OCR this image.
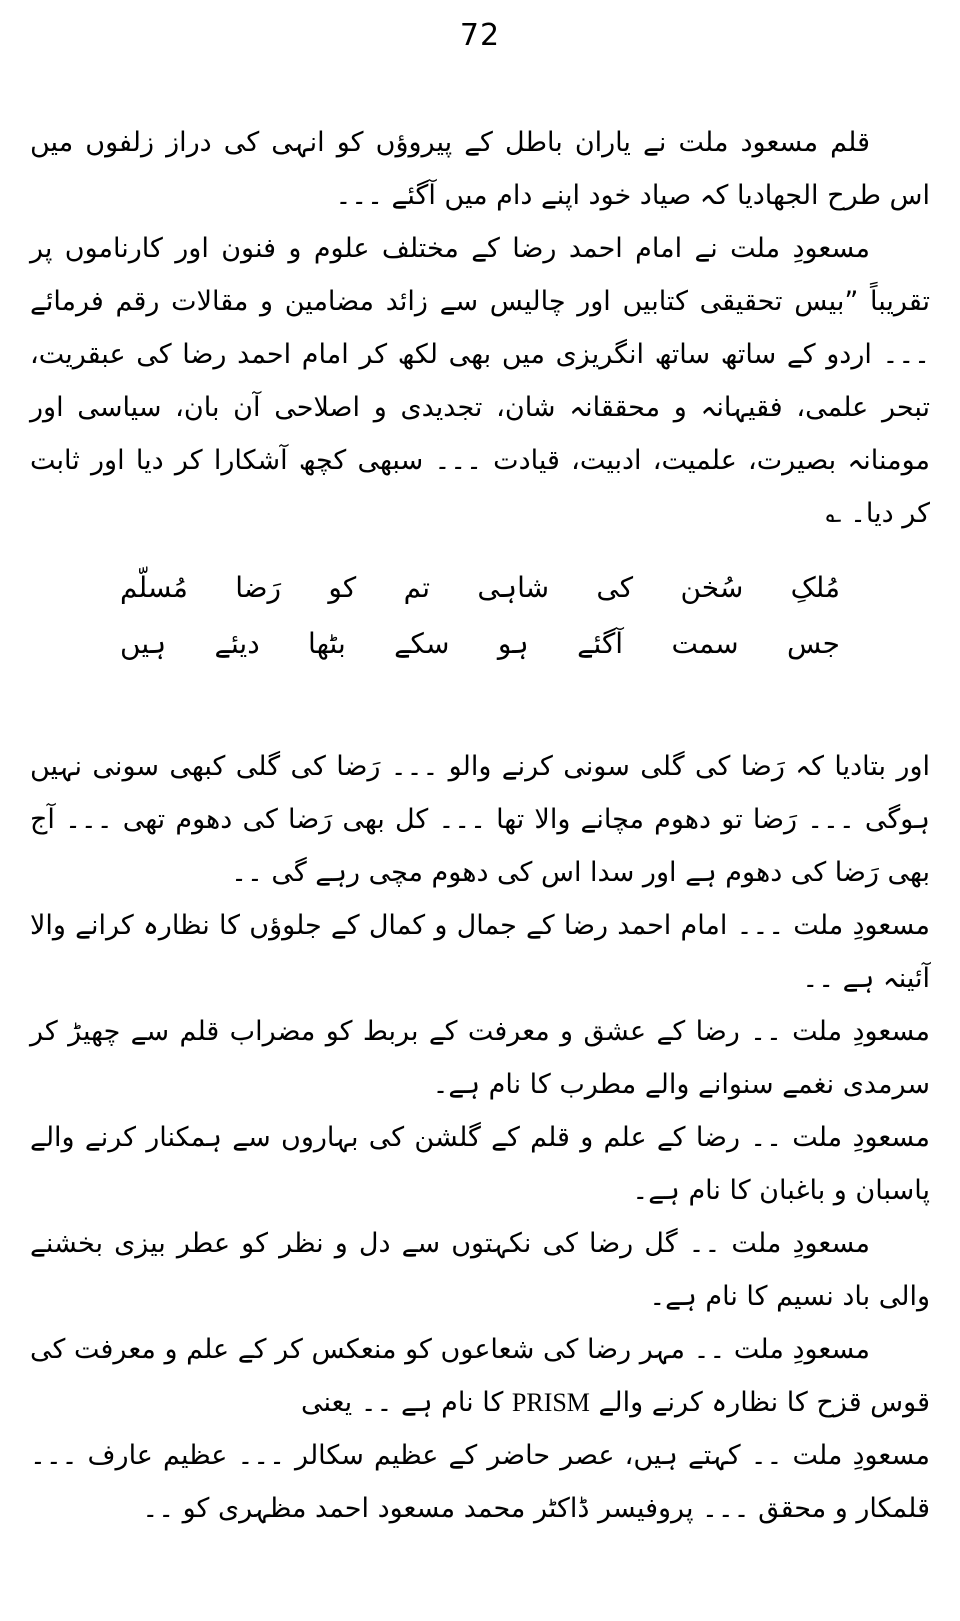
72

قلم مسعود ملت نے یاران باطل کے پیروؤں کو انہی کی دراز زلفوں میں اس طرح الجھادیا کہ صیاد خود اپنے دام میں آگئے ۔۔۔

مسعودِ ملت نے امام احمد رضا کے مختلف علوم و فنون اور کارناموں پر تقریباً ”بیس تحقیقی کتابیں اور چالیس سے زائد مضامین و مقالات رقم فرمائے ۔۔۔ اردو کے ساتھ ساتھ انگریزی میں بھی لکھ کر امام احمد رضا کی عبقریت، تبحر علمی، فقیہانہ و محققانہ شان، تجدیدی و اصلاحی آن بان، سیاسی اور مومنانہ بصیرت، علمیت، ادبیت، قیادت ۔۔۔ سبھی کچھ آشکارا کر دیا اور ثابت کر دیا۔ ؎

مُلکِ سُخن کی شاہی تم کو رَضا مُسلّم

جس سمت آگئے ہو سکے بٹھا دیئے ہیں

اور بتادیا کہ رَضا کی گلی سونی کرنے والو ۔۔۔ رَضا کی گلی کبھی سونی نہیں ہوگی ۔۔۔ رَضا تو دھوم مچانے والا تھا ۔۔۔ کل بھی رَضا کی دھوم تھی ۔۔۔ آج بھی رَضا کی دھوم ہے اور سدا اس کی دھوم مچی رہے گی ۔۔

مسعودِ ملت ۔۔۔ امام احمد رضا کے جمال و کمال کے جلوؤں کا نظارہ کرانے والا آئینہ ہے ۔۔

مسعودِ ملت ۔۔ رضا کے عشق و معرفت کے بربط کو مضراب قلم سے چھیڑ کر سرمدی نغمے سنوانے والے مطرب کا نام ہے۔

مسعودِ ملت ۔۔ رضا کے علم و قلم کے گلشن کی بہاروں سے ہمکنار کرنے والے پاسبان و باغبان کا نام ہے۔

مسعودِ ملت ۔۔ گل رضا کی نکہتوں سے دل و نظر کو عطر بیزی بخشنے والی باد نسیم کا نام ہے۔

مسعودِ ملت ۔۔ مہر رضا کی شعاعوں کو منعکس کر کے علم و معرفت کی قوس قزح کا نظارہ کرنے والے PRISM کا نام ہے ۔۔ یعنی

مسعودِ ملت ۔۔ کہتے ہیں، عصر حاضر کے عظیم سکالر ۔۔۔ عظیم عارف ۔۔۔ قلمکار و محقق ۔۔۔ پروفیسر ڈاکٹر محمد مسعود احمد مظہری کو ۔۔
